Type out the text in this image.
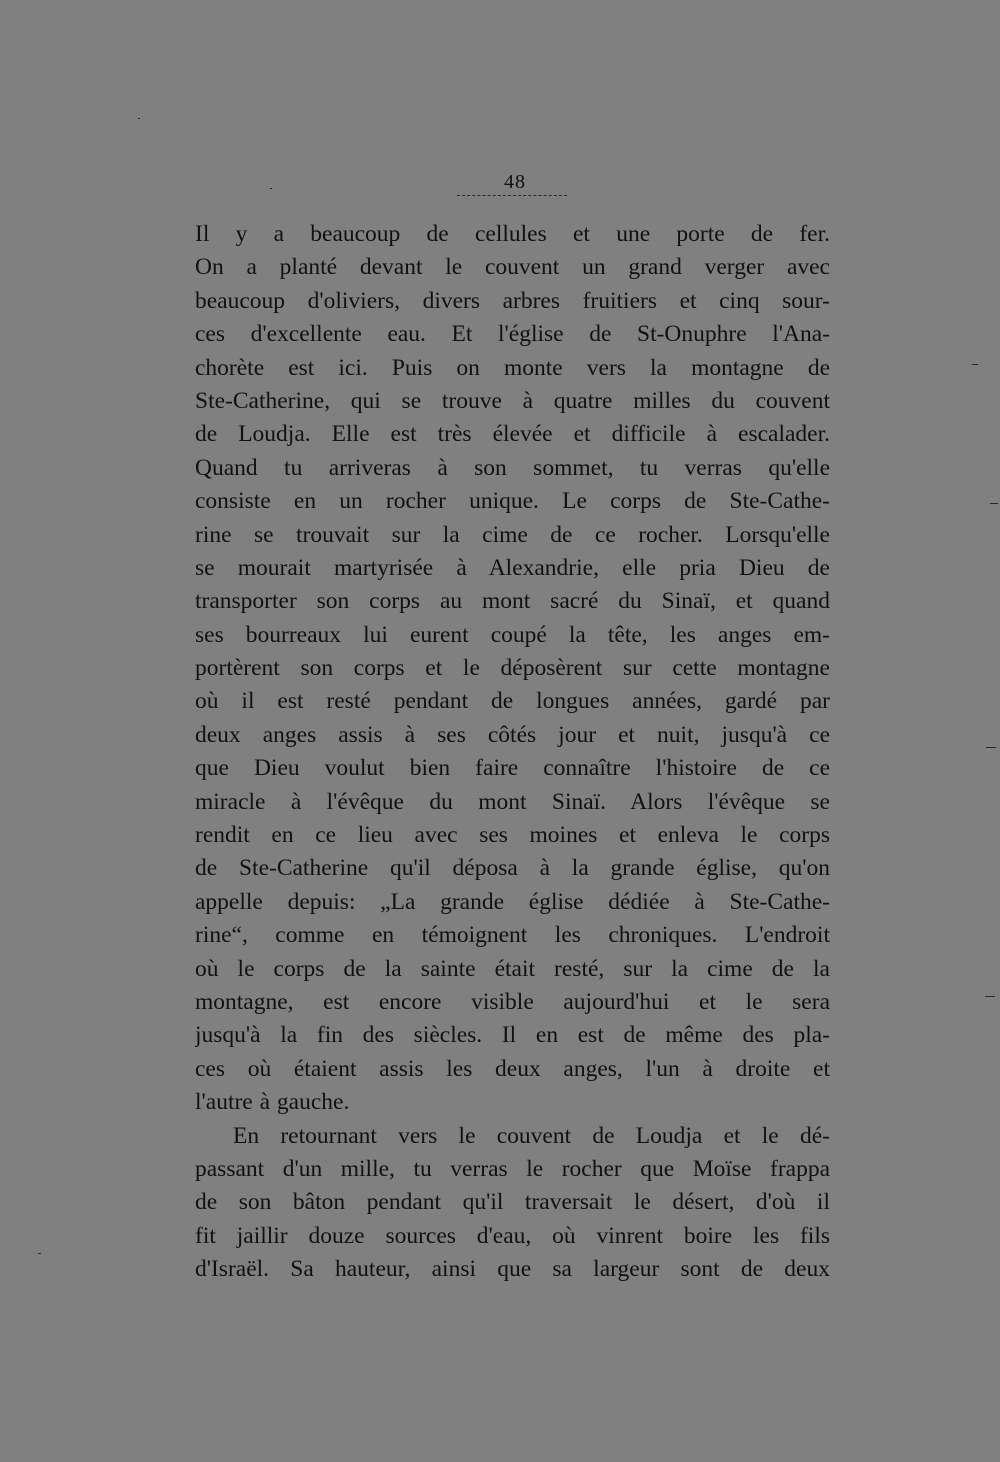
48
Il y a beaucoup de cellules et une porte de fer.
On a planté devant le couvent un grand verger avec
beaucoup d'oliviers, divers arbres fruitiers et cinq sour-
ces d'excellente eau. Et l'église de St-Onuphre l'Ana-
chorète est ici. Puis on monte vers la montagne de
Ste-Catherine, qui se trouve à quatre milles du couvent
de Loudja. Elle est très élevée et difficile à escalader.
Quand tu arriveras à son sommet, tu verras qu'elle
consiste en un rocher unique. Le corps de Ste-Cathe-
rine se trouvait sur la cime de ce rocher. Lorsqu'elle
se mourait martyrisée à Alexandrie, elle pria Dieu de
transporter son corps au mont sacré du Sinaï, et quand
ses bourreaux lui eurent coupé la tête, les anges em-
portèrent son corps et le déposèrent sur cette montagne
où il est resté pendant de longues années, gardé par
deux anges assis à ses côtés jour et nuit, jusqu'à ce
que Dieu voulut bien faire connaître l'histoire de ce
miracle à l'évêque du mont Sinaï. Alors l'évêque se
rendit en ce lieu avec ses moines et enleva le corps
de Ste-Catherine qu'il déposa à la grande église, qu'on
appelle depuis: „La grande église dédiée à Ste-Cathe-
rine“, comme en témoignent les chroniques. L'endroit
où le corps de la sainte était resté, sur la cime de la
montagne, est encore visible aujourd'hui et le sera
jusqu'à la fin des siècles. Il en est de même des pla-
ces où étaient assis les deux anges, l'un à droite et
l'autre à gauche.
En retournant vers le couvent de Loudja et le dé-
passant d'un mille, tu verras le rocher que Moïse frappa
de son bâton pendant qu'il traversait le désert, d'où il
fit jaillir douze sources d'eau, où vinrent boire les fils
d'Israël. Sa hauteur, ainsi que sa largeur sont de deux
